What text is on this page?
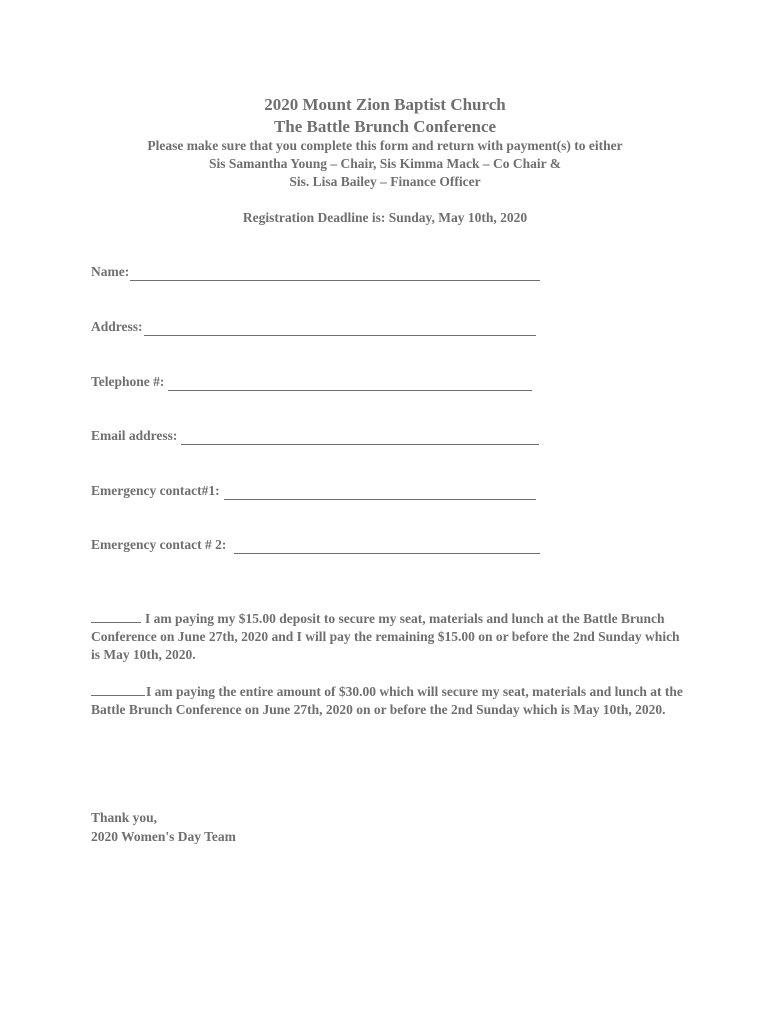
2020 Mount Zion Baptist Church
The Battle Brunch Conference
Please make sure that you complete this form and return with payment(s) to either
Sis Samantha Young – Chair, Sis Kimma Mack – Co Chair &
Sis. Lisa Bailey – Finance Officer
Registration Deadline is: Sunday, May 10th, 2020
Name:
Address:
Telephone #:
Email address:
Emergency contact#1:
Emergency contact # 2:
I am paying my $15.00 deposit to secure my seat, materials and lunch at the Battle Brunch Conference on June 27th, 2020 and I will pay the remaining $15.00 on or before the 2nd Sunday which is May 10th, 2020.
I am paying the entire amount of $30.00 which will secure my seat, materials and lunch at the Battle Brunch Conference on June 27th, 2020 on or before the 2nd Sunday which is May 10th, 2020.
Thank you,
2020 Women's Day Team
